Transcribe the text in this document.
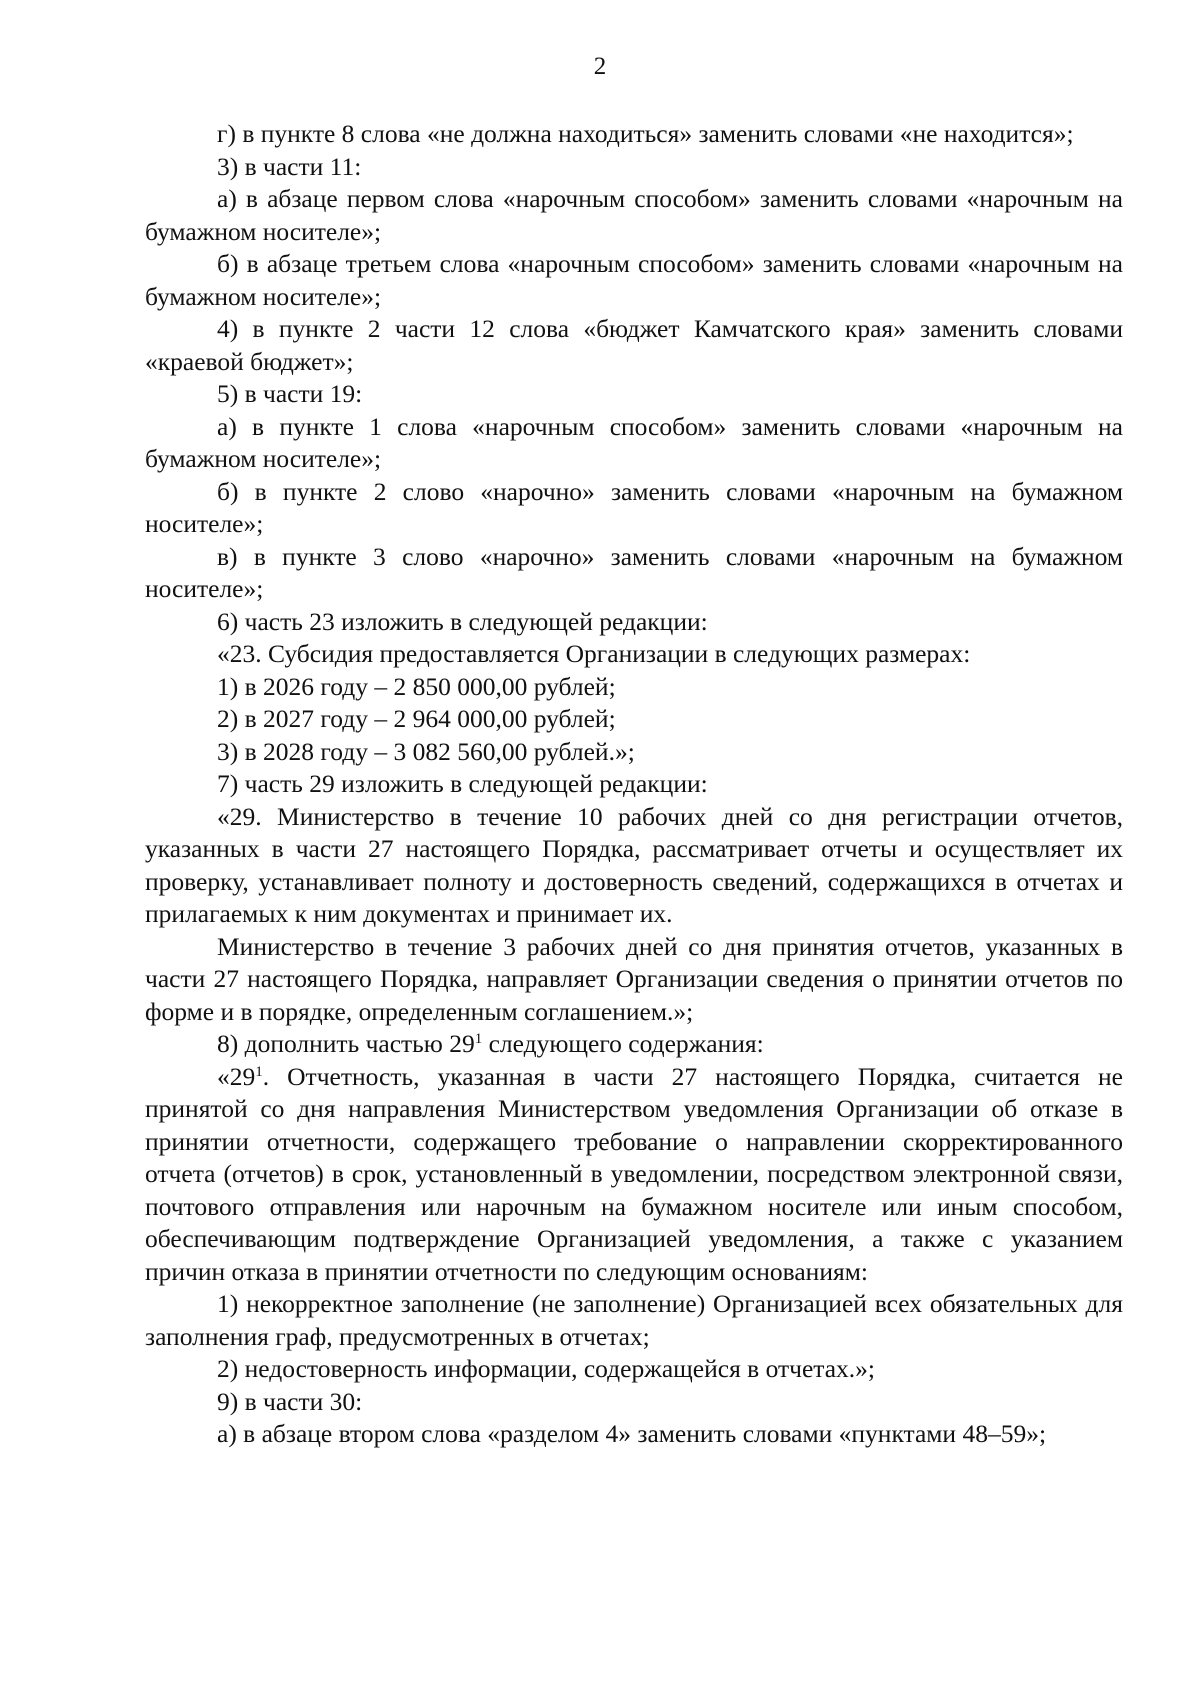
2

г) в пункте 8 слова «не должна находиться» заменить словами «не находится»;

3) в части 11:

а) в абзаце первом слова «нарочным способом» заменить словами «нарочным на бумажном носителе»;

б) в абзаце третьем слова «нарочным способом» заменить словами «нарочным на бумажном носителе»;

4) в пункте 2 части 12 слова «бюджет Камчатского края» заменить словами «краевой бюджет»;

5) в части 19:

а) в пункте 1 слова «нарочным способом» заменить словами «нарочным на бумажном носителе»;

б) в пункте 2 слово «нарочно» заменить словами «нарочным на бумажном носителе»;

в) в пункте 3 слово «нарочно» заменить словами «нарочным на бумажном носителе»;

6) часть 23 изложить в следующей редакции:

«23. Субсидия предоставляется Организации в следующих размерах:

1) в 2026 году – 2 850 000,00 рублей;

2) в 2027 году – 2 964 000,00 рублей;

3) в 2028 году – 3 082 560,00 рублей.»;

7) часть 29 изложить в следующей редакции:

«29. Министерство в течение 10 рабочих дней со дня регистрации отчетов, указанных в части 27 настоящего Порядка, рассматривает отчеты и осуществляет их проверку, устанавливает полноту и достоверность сведений, содержащихся в отчетах и прилагаемых к ним документах и принимает их.

Министерство в течение 3 рабочих дней со дня принятия отчетов, указанных в части 27 настоящего Порядка, направляет Организации сведения о принятии отчетов по форме и в порядке, определенным соглашением.»;

8) дополнить частью $29^1$ следующего содержания:

«$29^1$. Отчетность, указанная в части 27 настоящего Порядка, считается не принятой со дня направления Министерством уведомления Организации об отказе в принятии отчетности, содержащего требование о направлении скорректированного отчета (отчетов) в срок, установленный в уведомлении, посредством электронной связи, почтового отправления или нарочным на бумажном носителе или иным способом, обеспечивающим подтверждение Организацией уведомления, а также с указанием причин отказа в принятии отчетности по следующим основаниям:

1) некорректное заполнение (не заполнение) Организацией всех обязательных для заполнения граф, предусмотренных в отчетах;

2) недостоверность информации, содержащейся в отчетах.»;

9) в части 30:

а) в абзаце втором слова «разделом 4» заменить словами «пунктами 48–59»;
